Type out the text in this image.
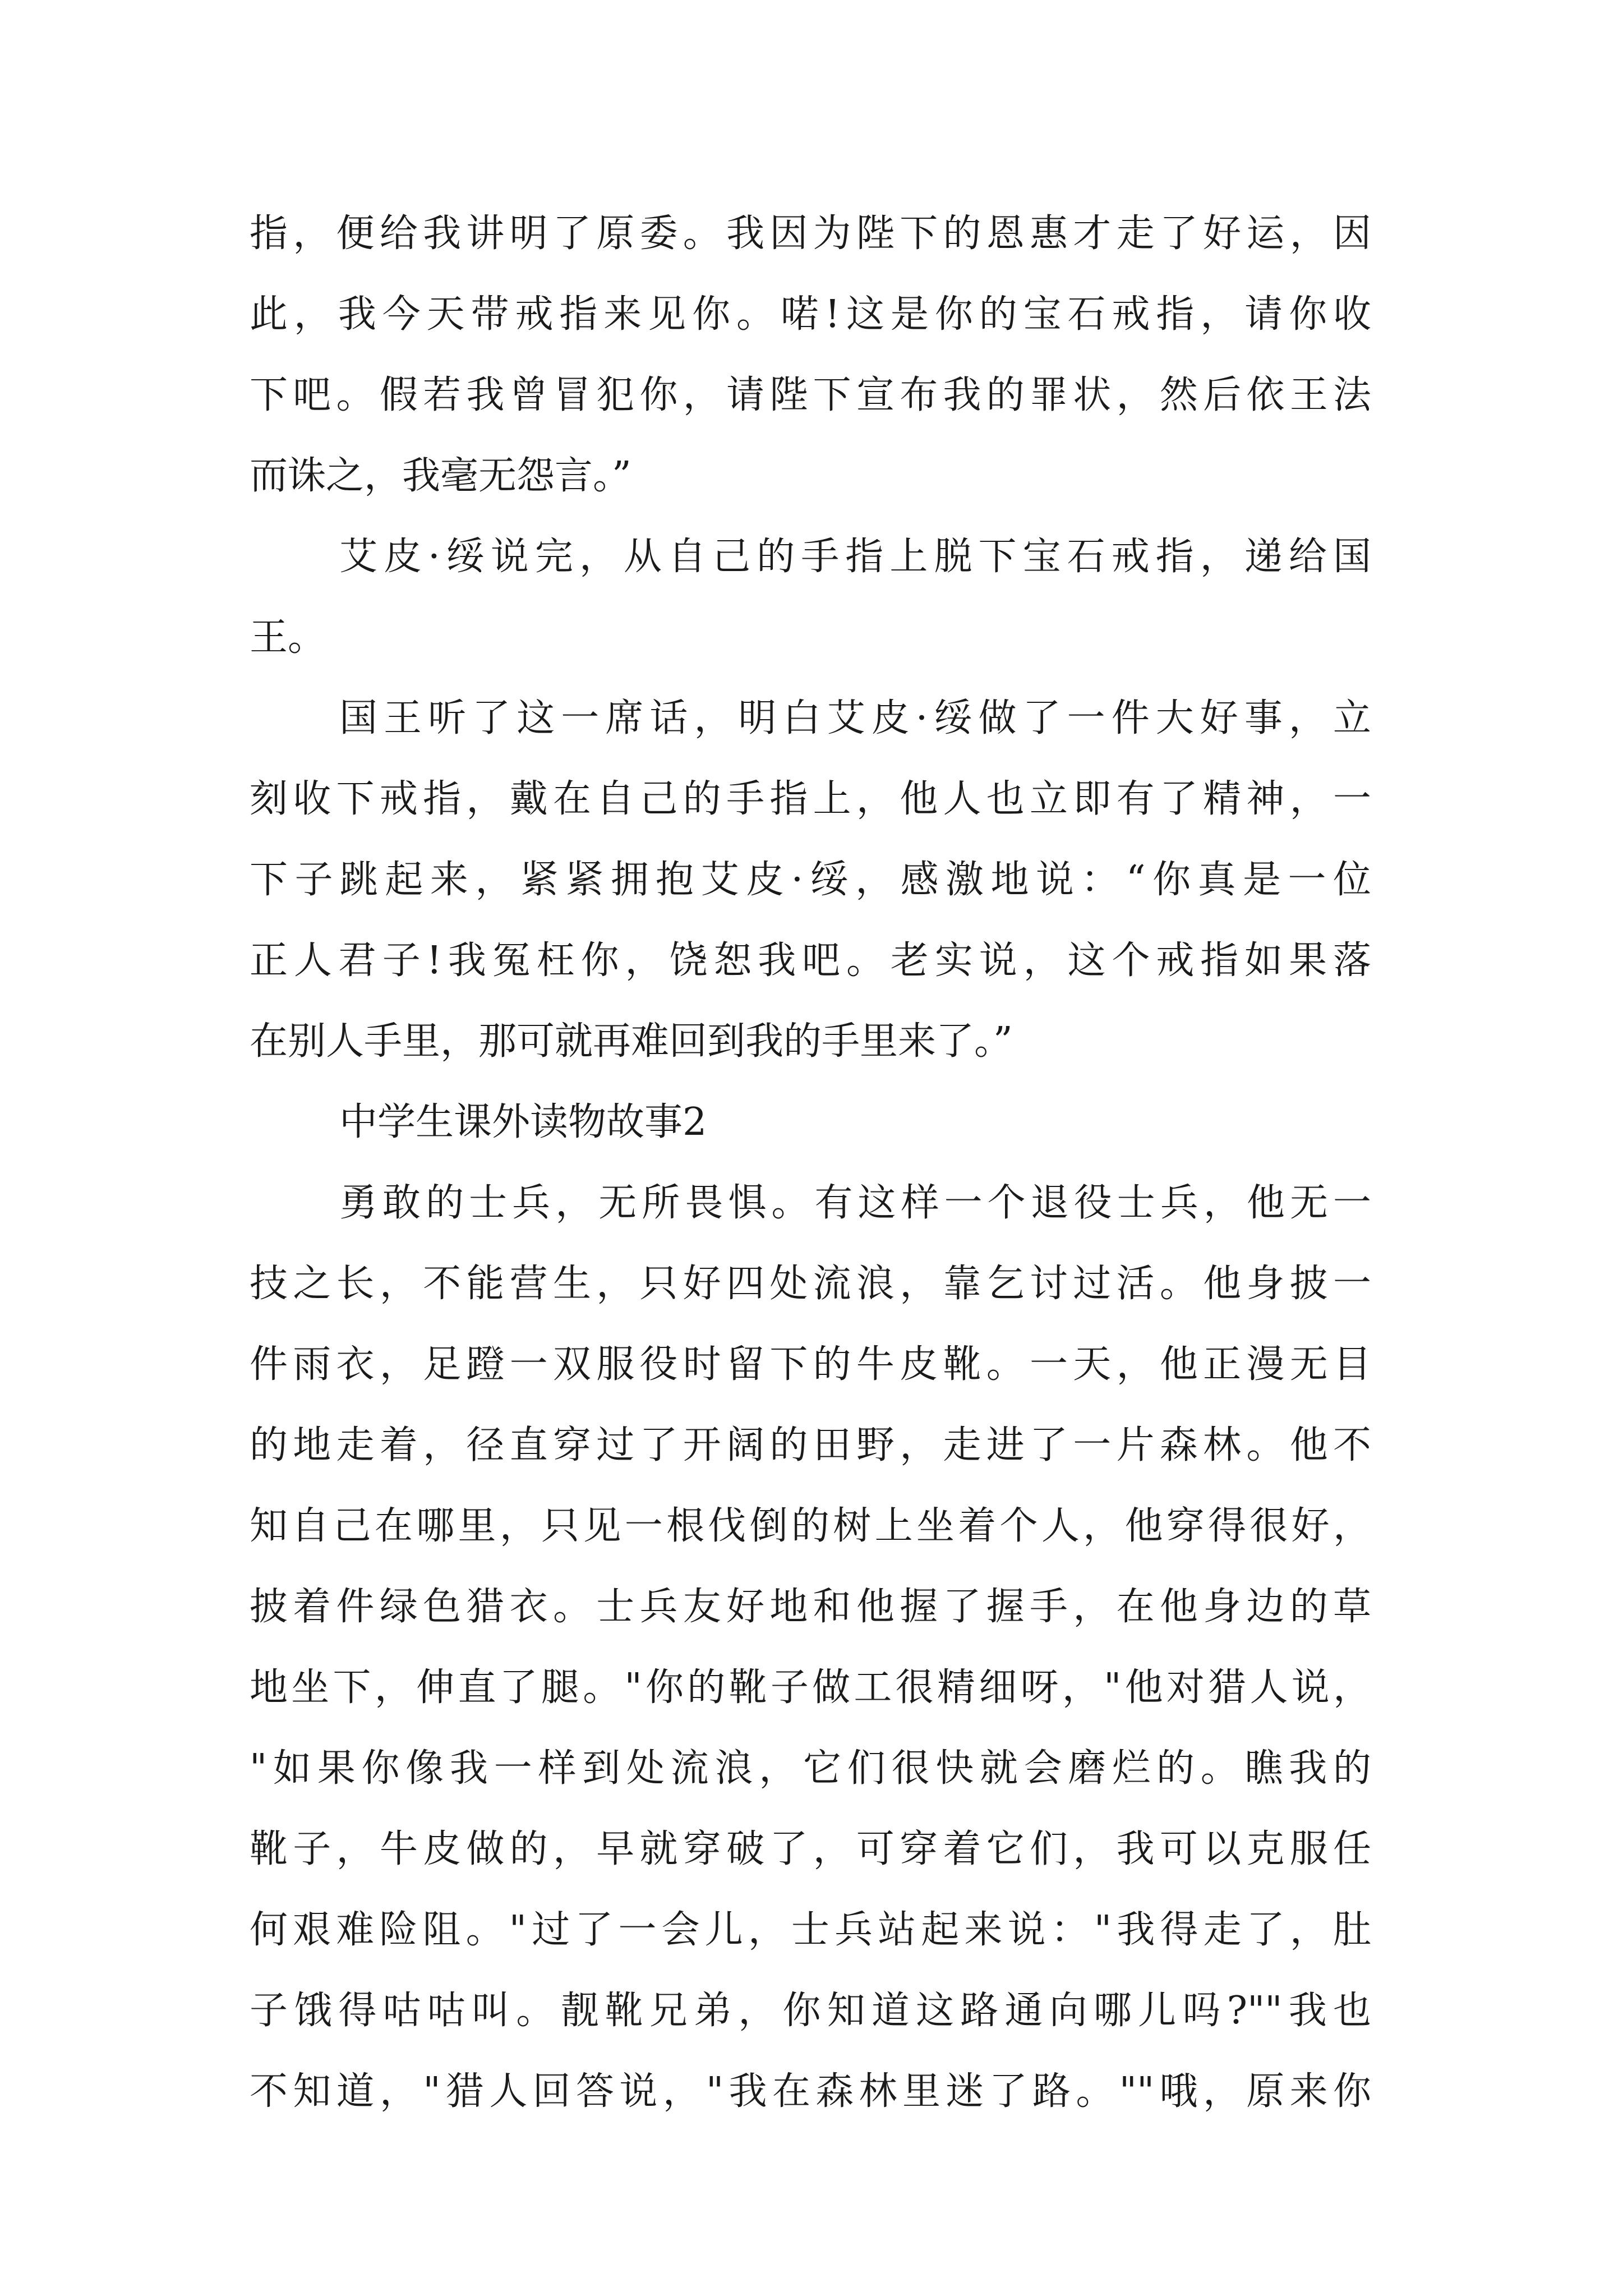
指，便给我讲明了原委。我因为陛下的恩惠才走了好运，因
此，我今天带戒指来见你。喏!这是你的宝石戒指，请你收
下吧。假若我曾冒犯你，请陛下宣布我的罪状，然后依王法
而诛之，我毫无怨言。”
艾皮·绥说完，从自己的手指上脱下宝石戒指，递给国
王。
国王听了这一席话，明白艾皮·绥做了一件大好事，立
刻收下戒指，戴在自己的手指上，他人也立即有了精神，一
下子跳起来，紧紧拥抱艾皮·绥，感激地说：“你真是一位
正人君子!我冤枉你，饶恕我吧。老实说，这个戒指如果落
在别人手里，那可就再难回到我的手里来了。”
中学生课外读物故事2
勇敢的士兵，无所畏惧。有这样一个退役士兵，他无一
技之长，不能营生，只好四处流浪，靠乞讨过活。他身披一
件雨衣，足蹬一双服役时留下的牛皮靴。一天，他正漫无目
的地走着，径直穿过了开阔的田野，走进了一片森林。他不
知自己在哪里，只见一根伐倒的树上坐着个人，他穿得很好，
披着件绿色猎衣。士兵友好地和他握了握手，在他身边的草
地坐下，伸直了腿。"你的靴子做工很精细呀，"他对猎人说，
"如果你像我一样到处流浪，它们很快就会磨烂的。瞧我的
靴子，牛皮做的，早就穿破了，可穿着它们，我可以克服任
何艰难险阻。"过了一会儿，士兵站起来说："我得走了，肚
子饿得咕咕叫。靓靴兄弟，你知道这路通向哪儿吗?""我也
不知道，"猎人回答说，"我在森林里迷了路。""哦，原来你
